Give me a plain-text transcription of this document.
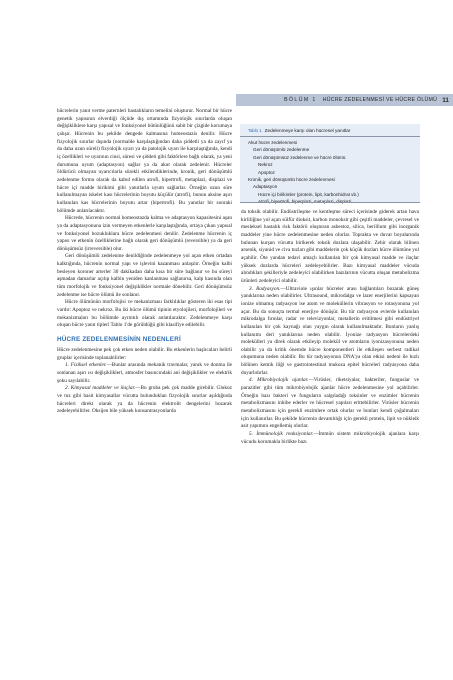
BÖLÜM 1 HÜCRE ZEDELENMESİ VE HÜCRE ÖLÜMÜ 11

hücrelerin yanıt verme paternleri hastalıkların temelini oluşturur. Normal bir hücre genetik yapısının elverdiği ölçüde dış ortamında fizyolojik sınırlarda oluşan değişikliklere karşı yapısal ve fonksiyonel bütünlüğünü sabit bir çizgide korumaya çalışır. Hücrenin bu şekilde dengede kalmasına homeostazis denilir. Hücre fizyolojik sınırlar dışında (normalde karşılaştığından daha şiddetli ya da zayıf ya da daha uzun süreli) fizyolojik uyarı ya da patolojik uyarı ile karşılaştığında, kendi iç özellikleri ve uyarının cinsi, süresi ve şiddeti gibi faktörlere bağlı olarak, ya yeni durumuna uyum (adaptasyon) sağlar ya da akut olarak zedelenir. Hücreler öldürücü olmayan uyarıcılarla sürekli etkilendiklerinde, kronik, geri dönüşümlü zedelenme formu olarak da kabul edilen atrofi, hipertrofi, metaplazi, displazi ve hücre içi madde birikimi gibi yanıtlarla uyum sağlarlar. Örneğin uzun süre kullanılmayan iskelet kası hücrelerinin boyutu küçülür (atrofi), bunun aksine aşırı kullanılan kas hücrelerinin boyutu artar (hipertrofi). Bu yanıtlar bir sonraki bölümde anlatılacaktır.

Hücrede, hücrenin normal homeostazda kalma ve adaptasyon kapasitesini aşan ya da adaptasyonuna izin vermeyen etkenlerle karşılaştığında, ortaya çıkan yapısal ve fonksiyonel bozukluklara hücre zedelenmesi denilir. Zedelenme hücrenin iç yapısı ve etkenin özelliklerine bağlı olarak geri dönüşümlü (reversible) ya da geri dönüşümsüz (irreversible) olur.

Geri dönüşümlü zedelenme denildiğinde zedelenmeye yol açan etken ortadan kalktığında, hücrenin normal yapı ve işlevini kazanması anlaşılır. Örneğin kalbi besleyen koroner arterler 30 dakikadan daha kısa bir süre bağlanır ve bu süreyi aşmadan damarlar açılıp kalbin yeniden kanlanması sağlanırsa, kalp kasında olan tüm morfolojik ve fonksiyonel değişiklikler normale dönebilir. Geri dönüşümsüz zedelenme ise hücre ölümü ile sonlanır.

Hücre ölümünün morfolojisi ve mekanizması farklılıklar gösteren iki esas tipi vardır: Apoptoz ve nekroz. Bu iki hücre ölümü tipinin etyolojileri, morfolojileri ve mekanizmaları bu bölümde ayrıntılı olarak anlatılacaktır. Zedelenmeye karşı oluşan hücre yanıt tipleri Tablo 1'de görüldüğü gibi klasifiye edilebilir.

HÜCRE ZEDELENMESİNİN NEDENLERİ

Hücre zedelenmesine pek çok etken neden olabilir. Bu etkenlerin başlıcaları belirli gruplar içerisinde toplanabilirler:

1. Fiziksel etkenler.—Bunlar arasında mekanik travmalar, yanık ve donma ile sonlanan aşırı ısı değişiklikleri, atmosfer basıncındaki ani değişiklikler ve elektrik şoku sayılabilir.

2. Kimyasal maddeler ve ilaçlar.—Bu gruba pek çok madde girebilir. Glukoz ve tuz gibi basit kimyasallar vücutta bulunduklan fizyolojik sınırlar aşıldığında hücreleri direkt olarak ya da hücrenin elektrolit dengelerini bozarak zedeleyebilirler. Oksijen bile yüksek konsantrasyonlarda

Tablo 1. Zedelenmeye karşı olan hücresel yanıtlar
Akut hücre zedelenmesi
Geri dönüşümlü zedelenme
Geri dönüşümsüz zedelenme ve hücre ölümü
Nekroz
Apoptoz
Kronik, geri dönüşümlü hücre zedelenmesi
Adaptasyon
Hücre içi birikimler (protein, lipit, karbonhidrat vb.)
Atrofi, hipertrofi, hiperplazi, metaplazi, displazi

da toksik olabilir. Endüstrileşme ve kentleşme süreci içerisinde giderek artan hava kirliliğine yol açan sülfür dioksit, karbon monoksit gibi çeşitli maddeler, çevresel ve mesleksel hastalık risk faktörü oluşturan asbestoz, silica, berillium gibi inorganik maddeler yine hücre zedelenmesine neden olurlar. Toprakta ve duvar boyalarında bulunan kurşun vücutta birikerek toksik dozlara ulaşabilir. Zehir olarak bilinen arsenik, siyanid ve civa tuzları gibi maddelerin çok küçük dozları hücre ölümüne yol açabilir. Öte yandan tedavi amaçlı kullanılan bir çok kimyasal madde ve ilaçlar yüksek dozlarda hücreleri zedeleyebilirler. Bazı kimyasal maddeler vücuda alındıkları şekilleriyle zedeleyici olabilirken bazılarının vücutta oluşan metabolizma ürünleri zedeleyici olabilir.

3. Radyasyon.—Ultraviole ışınlar hücreler arası bağlantıları bozarak güneş yanıklarına neden olabilirler. Ultrasound, mikrodalga ve lazer enerjilerini kapsayan ionize olmamış radyasyon ise atom ve moleküllerin vibrasyon ve rotasyonuna yol açar. Bu da sonuçta termal enerjiye dönüşür. Bu tür radyasyon evlerde kullanılan mikrodalga fırınlar, radar ve televizyonlar, metallerin eritilmesi gibi endüstriyel kullanılan bir çok kaynağı olan yaygın olarak kullanılmaktadır. Bunların yanlış kullanımı deri yanıklarına neden olabilir. İyonize radyasyon hücrelerdeki molekülleri ya direk olarak etkileyip molekül ve atomların iyonizasyonuna neden olabilir ya da kritik önemde hücre komponentleri ile etkileşen serbest radikal oluşumuna neden olabilir. Bu tür radyasyonun DNA'ya olan etkisi nedeni ile hızlı bölünen kemik iliği ve gastrointestinal mukoza epitel hücreleri radyasyona daha duyarlıdırlar.

4. Mikrobiyolojik ajanlar.—Virüsler, riketsiyalar, bakteriler, funguslar ve parazitler gibi tüm mikrobiyolojik ajanlar hücre zedelenmesine yol açabilirler. Örneğin bazı bakteri ve funguların salgıladığı toksinler ve enzimler hücrenin metabolizmasını inhibe ederler ve hücresel yapıları erittebilirler. Virüsler hücrenin metabolizmasını için gerekli enzimlere ortak olurlar ve bunları kendi çoğalmaları için kullanırlar. Bu şekilde hücrenin devamlılığı için gerekli protein, lipit ve nükleik asit yapımını engellemiş olurlar.

5. İmmünolojik reaksiyonlar.—İmmün sistem mikrobiyolojik ajanlara karşı vücudu korumakla birlikte bazı
